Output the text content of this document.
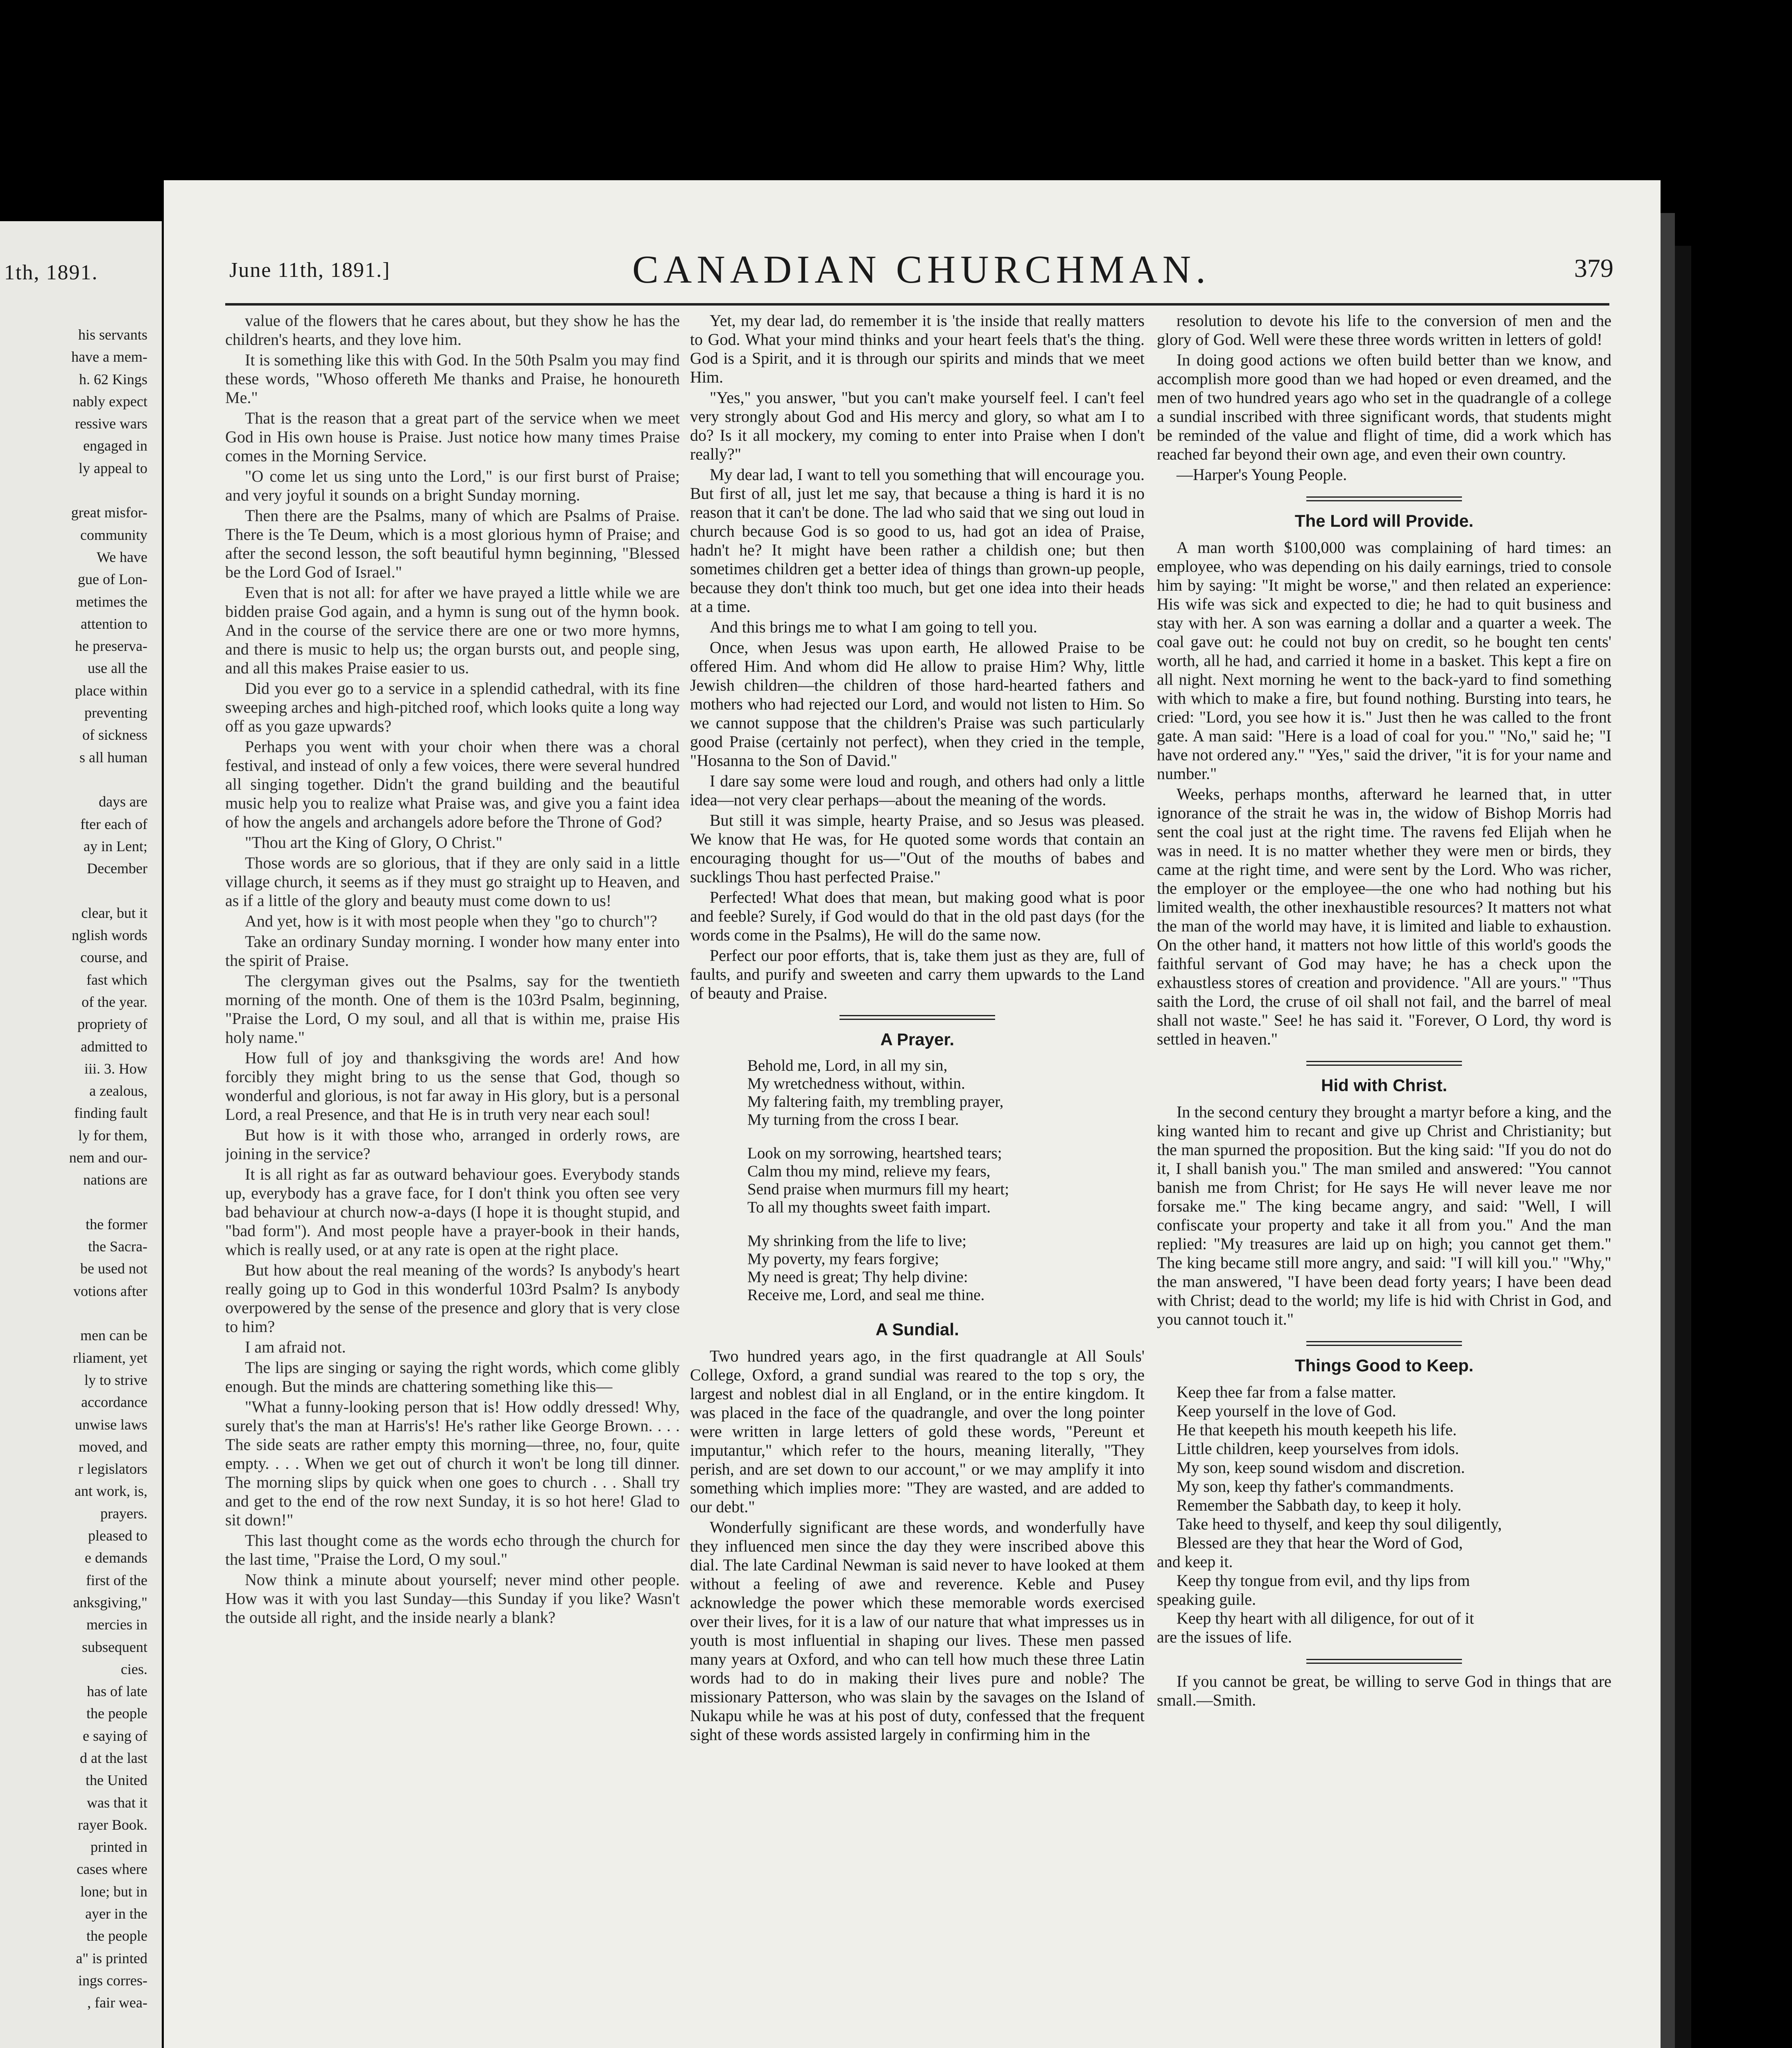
1th, 1891.
his servants
have a mem-
h. 62 Kings
nably expect
ressive wars
engaged in
ly appeal to
great misfor-
community
We have
gue of Lon-
metimes the
attention to
he preserva-
use all the
place within
preventing
of sickness
s all human
days are
fter each of
ay in Lent;
December
clear, but it
nglish words
course, and
fast which
of the year.
propriety of
admitted to
iii. 3. How
a zealous,
finding fault
ly for them,
nem and our-
nations are
the former
the Sacra-
be used not
votions after
men can be
rliament, yet
ly to strive
accordance
unwise laws
moved, and
r legislators
ant work, is,
prayers.
pleased to
e demands
first of the
anksgiving,"
mercies in
subsequent
cies.
has of late
the people
e saying of
d at the last
the United
was that it
rayer Book.
printed in
cases where
lone; but in
ayer in the
the people
a" is printed
ings corres-
, fair wea-
June 11th, 1891.]	CANADIAN CHURCHMAN.	379

value of the flowers that he cares about, but they show he has the children's hearts, and they love him.

It is something like this with God. In the 50th Psalm you may find these words, "Whoso offereth Me thanks and Praise, he honoureth Me."

That is the reason that a great part of the service when we meet God in His own house is Praise. Just notice how many times Praise comes in the Morning Service.

"O come let us sing unto the Lord," is our first burst of Praise; and very joyful it sounds on a bright Sunday morning.

Then there are the Psalms, many of which are Psalms of Praise. There is the Te Deum, which is a most glorious hymn of Praise; and after the second lesson, the soft beautiful hymn beginning, "Blessed be the Lord God of Israel."

Even that is not all: for after we have prayed a little while we are bidden praise God again, and a hymn is sung out of the hymn book. And in the course of the service there are one or two more hymns, and there is music to help us; the organ bursts out, and people sing, and all this makes Praise easier to us.

Did you ever go to a service in a splendid cathedral, with its fine sweeping arches and high-pitched roof, which looks quite a long way off as you gaze upwards?

Perhaps you went with your choir when there was a choral festival, and instead of only a few voices, there were several hundred all singing together. Didn't the grand building and the beautiful music help you to realize what Praise was, and give you a faint idea of how the angels and archangels adore before the Throne of God?

"Thou art the King of Glory, O Christ."

Those words are so glorious, that if they are only said in a little village church, it seems as if they must go straight up to Heaven, and as if a little of the glory and beauty must come down to us!

And yet, how is it with most people when they "go to church"?

Take an ordinary Sunday morning. I wonder how many enter into the spirit of Praise.

The clergyman gives out the Psalms, say for the twentieth morning of the month. One of them is the 103rd Psalm, beginning, "Praise the Lord, O my soul, and all that is within me, praise His holy name."

How full of joy and thanksgiving the words are! And how forcibly they might bring to us the sense that God, though so wonderful and glorious, is not far away in His glory, but is a personal Lord, a real Presence, and that He is in truth very near each soul!

But how is it with those who, arranged in orderly rows, are joining in the service?

It is all right as far as outward behaviour goes. Everybody stands up, everybody has a grave face, for I don't think you often see very bad behaviour at church now-a-days (I hope it is thought stupid, and "bad form"). And most people have a prayer-book in their hands, which is really used, or at any rate is open at the right place.

But how about the real meaning of the words? Is anybody's heart really going up to God in this wonderful 103rd Psalm? Is anybody overpowered by the sense of the presence and glory that is very close to him?

I am afraid not.

The lips are singing or saying the right words, which come glibly enough. But the minds are chattering something like this—

"What a funny-looking person that is! How oddly dressed! Why, surely that's the man at Harris's! He's rather like George Brown. . . . The side seats are rather empty this morning—three, no, four, quite empty. . . . When we get out of church it won't be long till dinner. The morning slips by quick when one goes to church . . . Shall try and get to the end of the row next Sunday, it is so hot here! Glad to sit down!"

This last thought come as the words echo through the church for the last time, "Praise the Lord, O my soul."

Now think a minute about yourself; never mind other people. How was it with you last Sunday—this Sunday if you like? Wasn't the outside all right, and the inside nearly a blank?

Yet, my dear lad, do remember it is 'the inside that really matters to God. What your mind thinks and your heart feels that's the thing. God is a Spirit, and it is through our spirits and minds that we meet Him.

"Yes," you answer, "but you can't make yourself feel. I can't feel very strongly about God and His mercy and glory, so what am I to do? Is it all mockery, my coming to enter into Praise when I don't really?"

My dear lad, I want to tell you something that will encourage you. But first of all, just let me say, that because a thing is hard it is no reason that it can't be done. The lad who said that we sing out loud in church because God is so good to us, had got an idea of Praise, hadn't he? It might have been rather a childish one; but then sometimes children get a better idea of things than grown-up people, because they don't think too much, but get one idea into their heads at a time.

And this brings me to what I am going to tell you.

Once, when Jesus was upon earth, He allowed Praise to be offered Him. And whom did He allow to praise Him? Why, little Jewish children—the children of those hard-hearted fathers and mothers who had rejected our Lord, and would not listen to Him. So we cannot suppose that the children's Praise was such particularly good Praise (certainly not perfect), when they cried in the temple, "Hosanna to the Son of David."

I dare say some were loud and rough, and others had only a little idea—not very clear perhaps—about the meaning of the words.

But still it was simple, hearty Praise, and so Jesus was pleased. We know that He was, for He quoted some words that contain an encouraging thought for us—"Out of the mouths of babes and sucklings Thou hast perfected Praise."

Perfected! What does that mean, but making good what is poor and feeble? Surely, if God would do that in the old past days (for the words come in the Psalms), He will do the same now.

Perfect our poor efforts, that is, take them just as they are, full of faults, and purify and sweeten and carry them upwards to the Land of beauty and Praise.

A Prayer.
Behold me, Lord, in all my sin,
My wretchedness without, within.
My faltering faith, my trembling prayer,
My turning from the cross I bear.
Look on my sorrowing, heartshed tears;
Calm thou my mind, relieve my fears,
Send praise when murmurs fill my heart;
To all my thoughts sweet faith impart.
My shrinking from the life to live;
My poverty, my fears forgive;
My need is great; Thy help divine:
Receive me, Lord, and seal me thine.
A Sundial.

Two hundred years ago, in the first quadrangle at All Souls' College, Oxford, a grand sundial was reared to the top s ory, the largest and noblest dial in all England, or in the entire kingdom. It was placed in the face of the quadrangle, and over the long pointer were written in large letters of gold these words, "Pereunt et imputantur," which refer to the hours, meaning literally, "They perish, and are set down to our account," or we may amplify it into something which implies more: "They are wasted, and are added to our debt."

Wonderfully significant are these words, and wonderfully have they influenced men since the day they were inscribed above this dial. The late Cardinal Newman is said never to have looked at them without a feeling of awe and reverence. Keble and Pusey acknowledge the power which these memorable words exercised over their lives, for it is a law of our nature that what impresses us in youth is most influential in shaping our lives. These men passed many years at Oxford, and who can tell how much these three Latin words had to do in making their lives pure and noble? The missionary Patterson, who was slain by the savages on the Island of Nukapu while he was at his post of duty, confessed that the frequent sight of these words assisted largely in confirming him in the

resolution to devote his life to the conversion of men and the glory of God. Well were these three words written in letters of gold!

In doing good actions we often build better than we know, and accomplish more good than we had hoped or even dreamed, and the men of two hundred years ago who set in the quadrangle of a college a sundial inscribed with three significant words, that students might be reminded of the value and flight of time, did a work which has reached far beyond their own age, and even their own country.

—Harper's Young People.

The Lord will Provide.

A man worth $100,000 was complaining of hard times: an employee, who was depending on his daily earnings, tried to console him by saying: "It might be worse," and then related an experience: His wife was sick and expected to die; he had to quit business and stay with her. A son was earning a dollar and a quarter a week. The coal gave out: he could not buy on credit, so he bought ten cents' worth, all he had, and carried it home in a basket. This kept a fire on all night. Next morning he went to the back-yard to find something with which to make a fire, but found nothing. Bursting into tears, he cried: "Lord, you see how it is." Just then he was called to the front gate. A man said: "Here is a load of coal for you." "No," said he; "I have not ordered any." "Yes," said the driver, "it is for your name and number."

Weeks, perhaps months, afterward he learned that, in utter ignorance of the strait he was in, the widow of Bishop Morris had sent the coal just at the right time. The ravens fed Elijah when he was in need. It is no matter whether they were men or birds, they came at the right time, and were sent by the Lord. Who was richer, the employer or the employee—the one who had nothing but his limited wealth, the other inexhaustible resources? It matters not what the man of the world may have, it is limited and liable to exhaustion. On the other hand, it matters not how little of this world's goods the faithful servant of God may have; he has a check upon the exhaustless stores of creation and providence. "All are yours." "Thus saith the Lord, the cruse of oil shall not fail, and the barrel of meal shall not waste." See! he has said it. "Forever, O Lord, thy word is settled in heaven."

Hid with Christ.

In the second century they brought a martyr before a king, and the king wanted him to recant and give up Christ and Christianity; but the man spurned the proposition. But the king said: "If you do not do it, I shall banish you." The man smiled and answered: "You cannot banish me from Christ; for He says He will never leave me nor forsake me." The king became angry, and said: "Well, I will confiscate your property and take it all from you." And the man replied: "My treasures are laid up on high; you cannot get them." The king became still more angry, and said: "I will kill you." "Why," the man answered, "I have been dead forty years; I have been dead with Christ; dead to the world; my life is hid with Christ in God, and you cannot touch it."

Things Good to Keep.
Keep thee far from a false matter.
Keep yourself in the love of God.
He that keepeth his mouth keepeth his life.
Little children, keep yourselves from idols.
My son, keep sound wisdom and discretion.
My son, keep thy father's commandments.
Remember the Sabbath day, to keep it holy.
Take heed to thyself, and keep thy soul diligently,
Blessed are they that hear the Word of God,
and keep it.
Keep thy tongue from evil, and thy lips from
speaking guile.
Keep thy heart with all diligence, for out of it
are the issues of life.

If you cannot be great, be willing to serve God in things that are small.—Smith.
